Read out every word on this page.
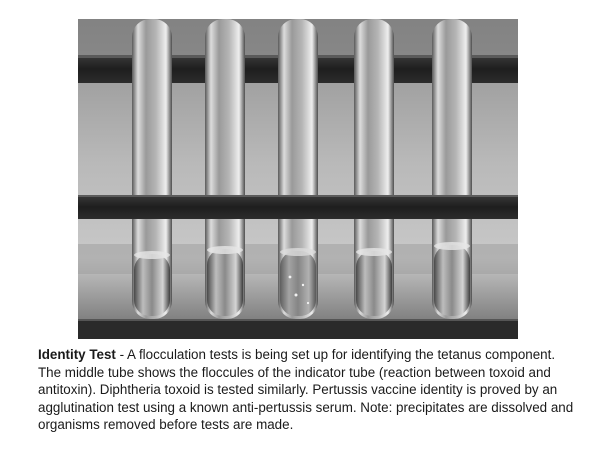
Identity Test - A flocculation tests is being set up for identifying the tetanus component. The middle tube shows the floccules of the indicator tube (reaction between toxoid and antitoxin). Diphtheria toxoid is tested similarly. Pertussis vaccine identity is proved by an agglutination test using a known anti-pertussis serum. Note: precipitates are dissolved and organisms removed before tests are made.
